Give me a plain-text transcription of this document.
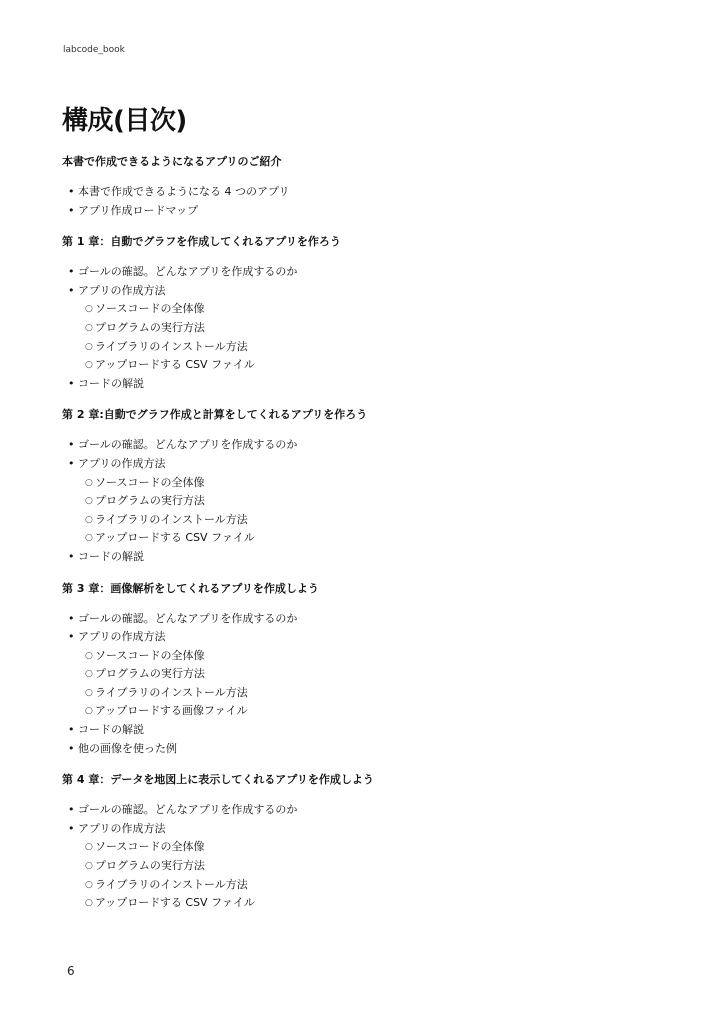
labcode_book
構成(目次)
本書で作成できるようになるアプリのご紹介
• 本書で作成できるようになる 4 つのアプリ
• アプリ作成ロードマップ
第 1 章：自動でグラフを作成してくれるアプリを作ろう
• ゴールの確認。どんなアプリを作成するのか
• アプリの作成方法
○ ソースコードの全体像
○ プログラムの実行方法
○ ライブラリのインストール方法
○ アップロードする CSV ファイル
• コードの解説
第 2 章:自動でグラフ作成と計算をしてくれるアプリを作ろう
• ゴールの確認。どんなアプリを作成するのか
• アプリの作成方法
○ ソースコードの全体像
○ プログラムの実行方法
○ ライブラリのインストール方法
○ アップロードする CSV ファイル
• コードの解説
第 3 章：画像解析をしてくれるアプリを作成しよう
• ゴールの確認。どんなアプリを作成するのか
• アプリの作成方法
○ ソースコードの全体像
○ プログラムの実行方法
○ ライブラリのインストール方法
○ アップロードする画像ファイル
• コードの解説
• 他の画像を使った例
第 4 章：データを地図上に表示してくれるアプリを作成しよう
• ゴールの確認。どんなアプリを作成するのか
• アプリの作成方法
○ ソースコードの全体像
○ プログラムの実行方法
○ ライブラリのインストール方法
○ アップロードする CSV ファイル
6
